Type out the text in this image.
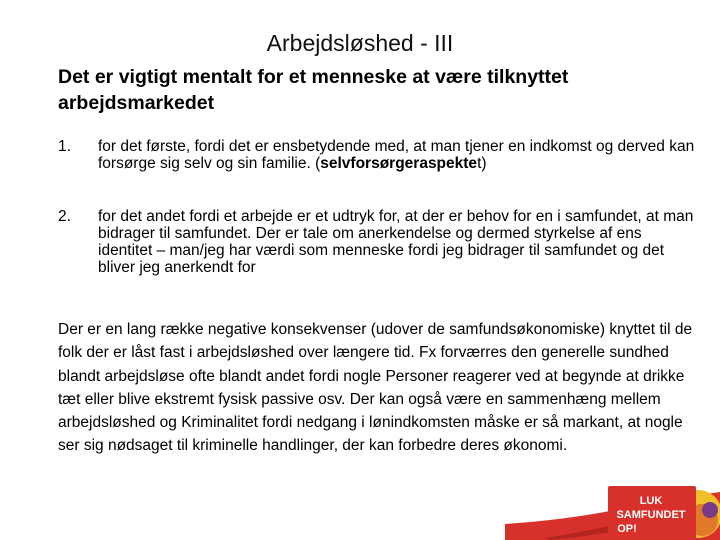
Arbejdsløshed - III
Det er vigtigt mentalt for et menneske at være tilknyttet arbejdsmarkedet
1.	for det første, fordi det er ensbetydende med, at man tjener en indkomst og derved kan forsørge sig selv og sin familie. (selvforsørgeraspektet)
2.	for det andet fordi et arbejde er et udtryk for, at der er behov for en i samfundet, at man bidrager til samfundet. Der er tale om anerkendelse og dermed styrkelse af ens identitet – man/jeg har værdi som menneske fordi jeg bidrager til samfundet og det bliver jeg anerkendt for
Der er en lang række negative konsekvenser (udover de samfundsøkonomiske) knyttet til de folk der er låst fast i arbejdsløshed over længere tid. Fx forværres den generelle sundhed blandt arbejdsløse ofte blandt andet fordi nogle Personer reagerer ved at begynde at drikke tæt eller blive ekstremt fysisk passive osv. Der kan også være en sammenhæng mellem arbejdsløshed og Kriminalitet fordi nedgang i lønindkomsten måske er så markant, at nogle ser sig nødsaget til kriminelle handlinger, der kan forbedre deres økonomi.
LUK
SAMFUNDET
OP!
